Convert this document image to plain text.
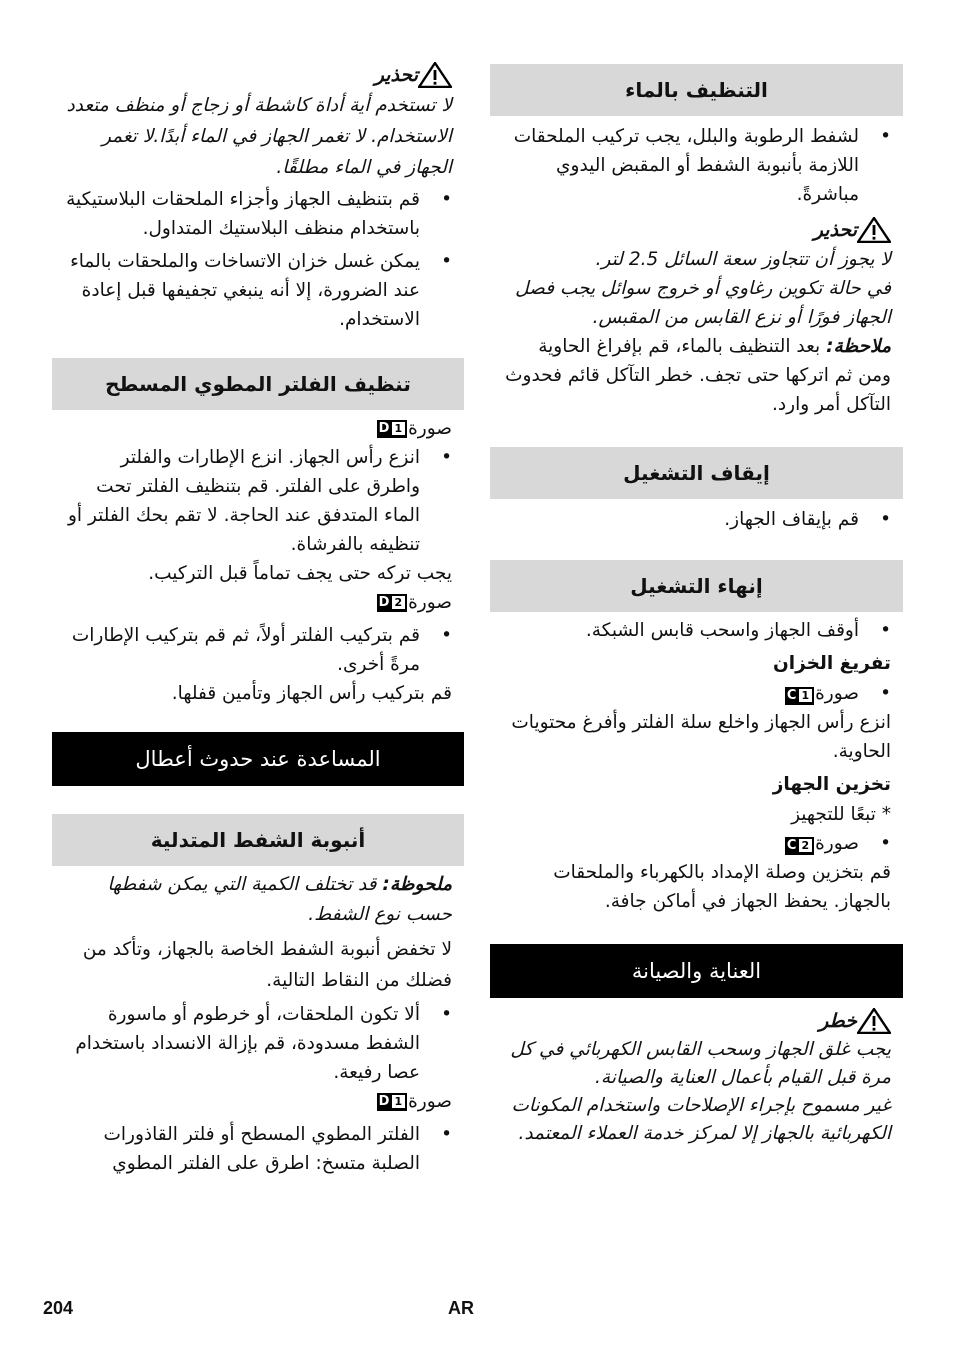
التنظيف بالماء
•
لشفط الرطوبة والبلل، يجب تركيب الملحقات اللازمة بأنبوبة الشفط أو المقبض اليدوي مباشرةً.
تحذير
لا يجوز أن تتجاوز سعة السائل 2.5 لتر.
في حالة تكوين رغاوي أو خروج سوائل يجب فصل الجهاز فورًا أو نزع القابس من المقبس.
ملاحظة: بعد التنظيف بالماء، قم بإفراغ الحاوية ومن ثم اتركها حتى تجف. خطر التآكل قائم فحدوث التآكل أمر وارد.
إيقاف التشغيل
•
قم بإيقاف الجهاز.
إنهاء التشغيل
•
أوقف الجهاز واسحب قابس الشبكة.
تفريغ الخزان
•
صورة
C 1
انزع رأس الجهاز واخلع سلة الفلتر وأفرغ محتويات الحاوية.
تخزين الجهاز
* تبعًا للتجهيز
•
صورة
C 2
قم بتخزين وصلة الإمداد بالكهرباء والملحقات بالجهاز. يحفظ الجهاز في أماكن جافة.
العناية والصيانة
خطر
يجب غلق الجهاز وسحب القابس الكهربائي في كل مرة قبل القيام بأعمال العناية والصيانة.
غير مسموح بإجراء الإصلاحات واستخدام المكونات الكهربائية بالجهاز إلا لمركز خدمة العملاء المعتمد.
تحذير
لا تستخدم أية أداة كاشطة أو زجاج أو منظف متعدد الاستخدام. لا تغمر الجهاز في الماء أبدًا.لا تغمر الجهاز في الماء مطلقًا.
•
قم بتنظيف الجهاز وأجزاء الملحقات البلاستيكية باستخدام منظف البلاستيك المتداول.
•
يمكن غسل خزان الاتساخات والملحقات بالماء عند الضرورة، إلا أنه ينبغي تجفيفها قبل إعادة الاستخدام.
تنظيف الفلتر المطوي المسطح
صورة
D 1
•
انزع رأس الجهاز. انزع الإطارات والفلتر واطرق على الفلتر. قم بتنظيف الفلتر تحت الماء المتدفق عند الحاجة. لا تقم بحك الفلتر أو تنظيفه بالفرشاة.
يجب تركه حتى يجف تماماً قبل التركيب.
صورة
D 2
•
قم بتركيب الفلتر أولاً، ثم قم بتركيب الإطارات مرةً أخرى.
قم بتركيب رأس الجهاز وتأمين قفلها.
المساعدة عند حدوث أعطال
أنبوبة الشفط المتدلية
ملحوظة: قد تختلف الكمية التي يمكن شفطها حسب نوع الشفط.
لا تخفض أنبوبة الشفط الخاصة بالجهاز، وتأكد من فضلك من النقاط التالية.
•
ألا تكون الملحقات، أو خرطوم أو ماسورة الشفط مسدودة، قم بإزالة الانسداد باستخدام عصا رفيعة.
صورة
D 1
•
الفلتر المطوي المسطح أو فلتر القاذورات الصلبة متسخ: اطرق على الفلتر المطوي
204	AR
